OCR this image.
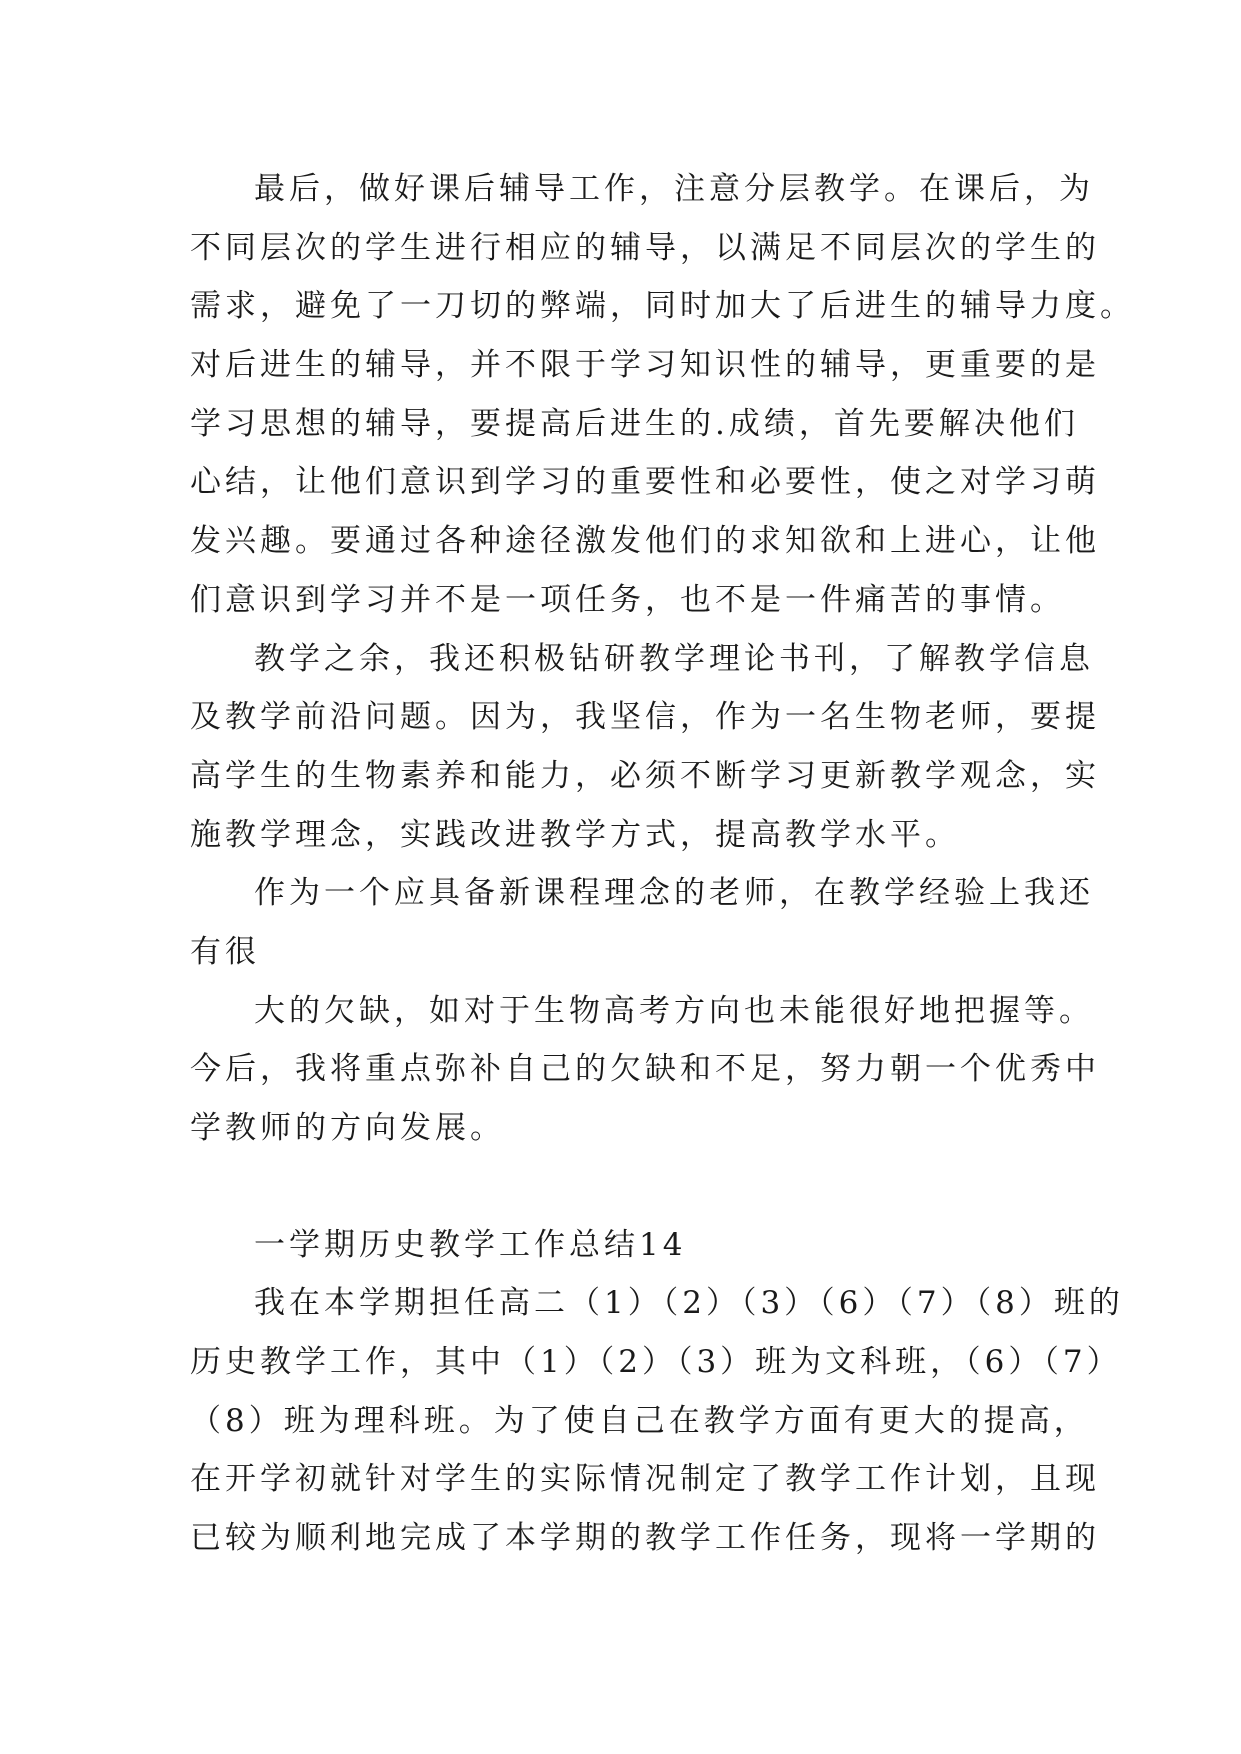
最后，做好课后辅导工作，注意分层教学。在课后，为
不同层次的学生进行相应的辅导，以满足不同层次的学生的
需求，避免了一刀切的弊端，同时加大了后进生的辅导力度。
对后进生的辅导，并不限于学习知识性的辅导，更重要的是
学习思想的辅导，要提高后进生的.成绩，首先要解决他们
心结，让他们意识到学习的重要性和必要性，使之对学习萌
发兴趣。要通过各种途径激发他们的求知欲和上进心，让他
们意识到学习并不是一项任务，也不是一件痛苦的事情。
教学之余，我还积极钻研教学理论书刊，了解教学信息
及教学前沿问题。因为，我坚信，作为一名生物老师，要提
高学生的生物素养和能力，必须不断学习更新教学观念，实
施教学理念，实践改进教学方式，提高教学水平。
作为一个应具备新课程理念的老师，在教学经验上我还
有很
大的欠缺，如对于生物高考方向也未能很好地把握等。
今后，我将重点弥补自己的欠缺和不足，努力朝一个优秀中
学教师的方向发展。
一学期历史教学工作总结14
我在本学期担任高二（1）（2）（3）（6）（7）（8）班的
历史教学工作，其中（1）（2）（3）班为文科班，（6）（7）
（8）班为理科班。为了使自己在教学方面有更大的提高，
在开学初就针对学生的实际情况制定了教学工作计划，且现
已较为顺利地完成了本学期的教学工作任务，现将一学期的
